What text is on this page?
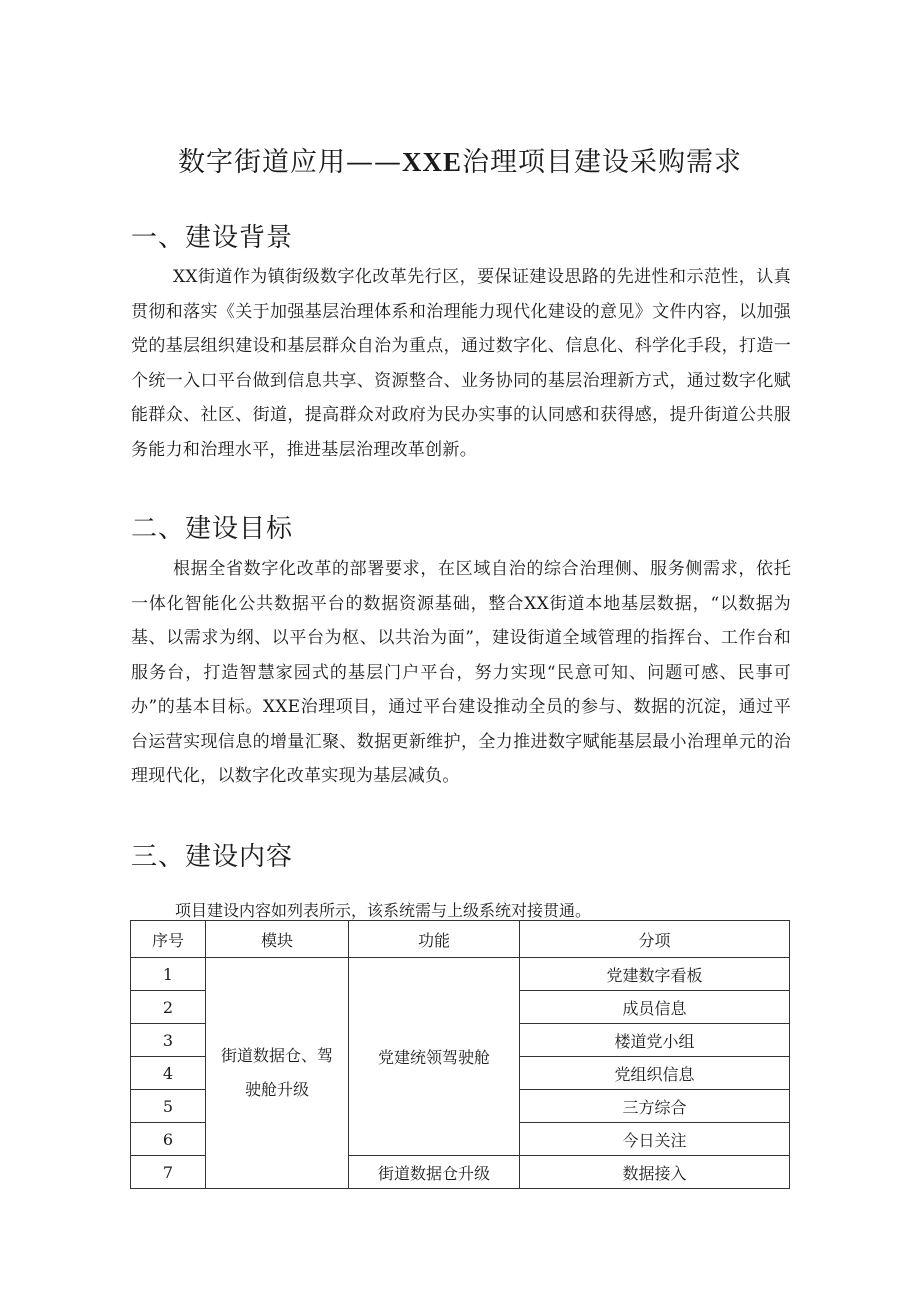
数字街道应用——XXE治理项目建设采购需求
一、建设背景

XX街道作为镇街级数字化改革先行区，要保证建设思路的先进性和示范性，认真贯彻和落实《关于加强基层治理体系和治理能力现代化建设的意见》文件内容，以加强党的基层组织建设和基层群众自治为重点，通过数字化、信息化、科学化手段，打造一个统一入口平台做到信息共享、资源整合、业务协同的基层治理新方式，通过数字化赋能群众、社区、街道，提高群众对政府为民办实事的认同感和获得感，提升街道公共服务能力和治理水平，推进基层治理改革创新。

二、建设目标

根据全省数字化改革的部署要求，在区域自治的综合治理侧、服务侧需求，依托一体化智能化公共数据平台的数据资源基础，整合XX街道本地基层数据，“以数据为基、以需求为纲、以平台为枢、以共治为面”，建设街道全域管理的指挥台、工作台和服务台，打造智慧家园式的基层门户平台，努力实现“民意可知、问题可感、民事可办”的基本目标。XXE治理项目，通过平台建设推动全员的参与、数据的沉淀，通过平台运营实现信息的增量汇聚、数据更新维护，全力推进数字赋能基层最小治理单元的治理现代化，以数字化改革实现为基层减负。

三、建设内容

项目建设内容如列表所示，该系统需与上级系统对接贯通。

序号	模块	功能	分项
1	街道数据仓、驾
驶舱升级	党建统领驾驶舱	党建数字看板
2			成员信息
3			楼道党小组
4			党组织信息
5			三方综合
6			今日关注
7		街道数据仓升级	数据接入
